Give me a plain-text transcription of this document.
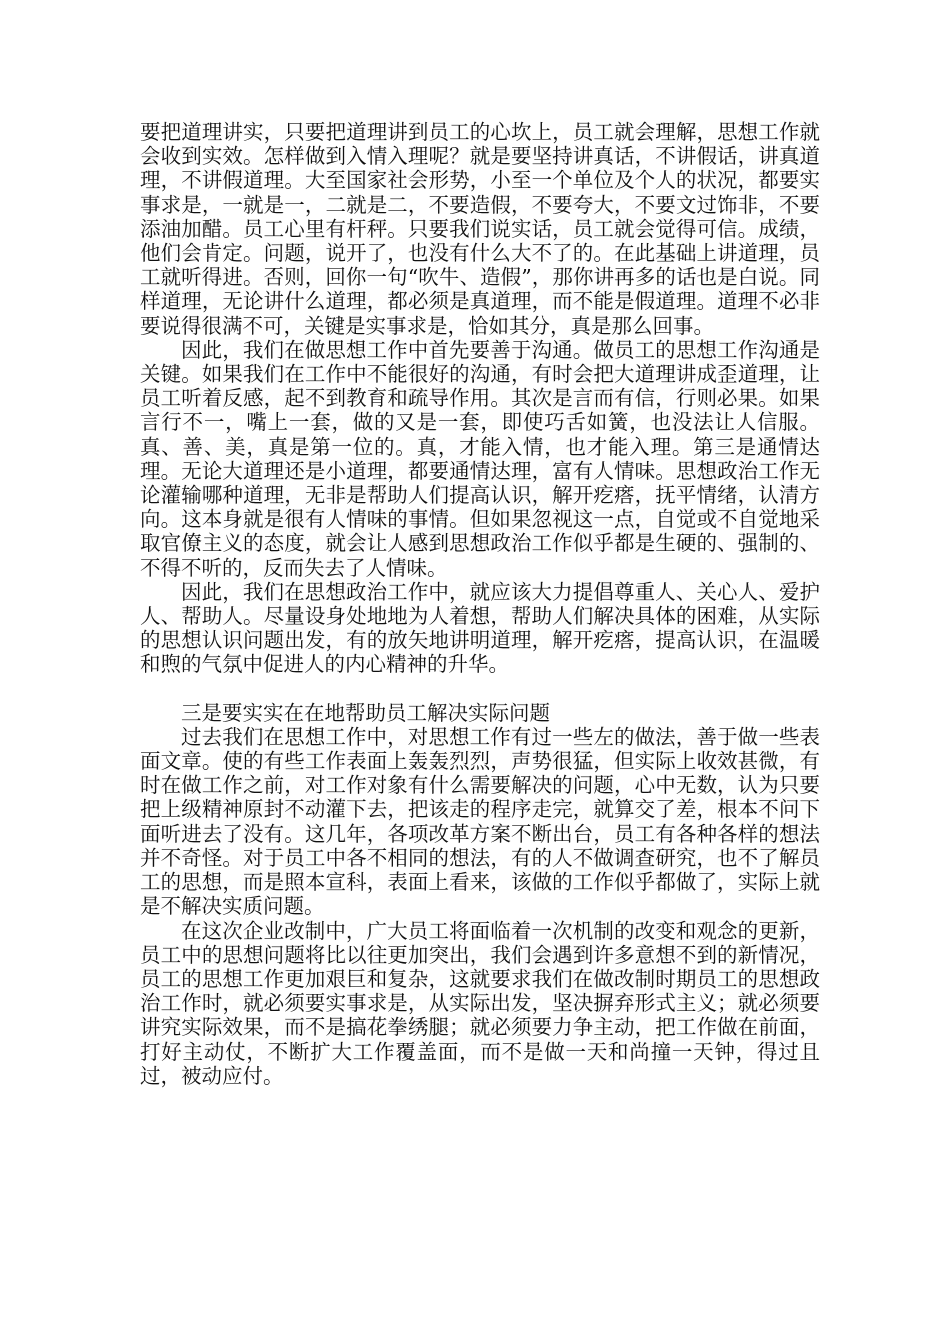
要把道理讲实，只要把道理讲到员工的心坎上，员工就会理解，思想工作就会收到实效。怎样做到入情入理呢？就是要坚持讲真话，不讲假话，讲真道理，不讲假道理。大至国家社会形势，小至一个单位及个人的状况，都要实事求是，一就是一，二就是二，不要造假，不要夸大，不要文过饰非，不要添油加醋。员工心里有杆秤。只要我们说实话，员工就会觉得可信。成绩，他们会肯定。问题，说开了，也没有什么大不了的。在此基础上讲道理，员工就听得进。否则，回你一句“吹牛、造假”，那你讲再多的话也是白说。同样道理，无论讲什么道理，都必须是真道理，而不能是假道理。道理不必非要说得很满不可，关键是实事求是，恰如其分，真是那么回事。

因此，我们在做思想工作中首先要善于沟通。做员工的思想工作沟通是关键。如果我们在工作中不能很好的沟通，有时会把大道理讲成歪道理，让员工听着反感，起不到教育和疏导作用。其次是言而有信，行则必果。如果言行不一，嘴上一套，做的又是一套，即使巧舌如簧，也没法让人信服。真、善、美，真是第一位的。真，才能入情，也才能入理。第三是通情达理。无论大道理还是小道理，都要通情达理，富有人情味。思想政治工作无论灌输哪种道理，无非是帮助人们提高认识，解开疙瘩，抚平情绪，认清方向。这本身就是很有人情味的事情。但如果忽视这一点，自觉或不自觉地采取官僚主义的态度，就会让人感到思想政治工作似乎都是生硬的、强制的、不得不听的，反而失去了人情味。

因此，我们在思想政治工作中，就应该大力提倡尊重人、关心人、爱护人、帮助人。尽量设身处地地为人着想，帮助人们解决具体的困难，从实际的思想认识问题出发，有的放矢地讲明道理，解开疙瘩，提高认识，在温暖和煦的气氛中促进人的内心精神的升华。

三是要实实在在地帮助员工解决实际问题

过去我们在思想工作中，对思想工作有过一些左的做法，善于做一些表面文章。使的有些工作表面上轰轰烈烈，声势很猛，但实际上收效甚微，有时在做工作之前，对工作对象有什么需要解决的问题，心中无数，认为只要把上级精神原封不动灌下去，把该走的程序走完，就算交了差，根本不问下面听进去了没有。这几年，各项改革方案不断出台，员工有各种各样的想法并不奇怪。对于员工中各不相同的想法，有的人不做调查研究，也不了解员工的思想，而是照本宣科，表面上看来，该做的工作似乎都做了，实际上就是不解决实质问题。

在这次企业改制中，广大员工将面临着一次机制的改变和观念的更新，员工中的思想问题将比以往更加突出，我们会遇到许多意想不到的新情况，员工的思想工作更加艰巨和复杂，这就要求我们在做改制时期员工的思想政治工作时，就必须要实事求是，从实际出发，坚决摒弃形式主义；就必须要讲究实际效果，而不是搞花拳绣腿；就必须要力争主动，把工作做在前面，打好主动仗，不断扩大工作覆盖面，而不是做一天和尚撞一天钟，得过且过，被动应付。
